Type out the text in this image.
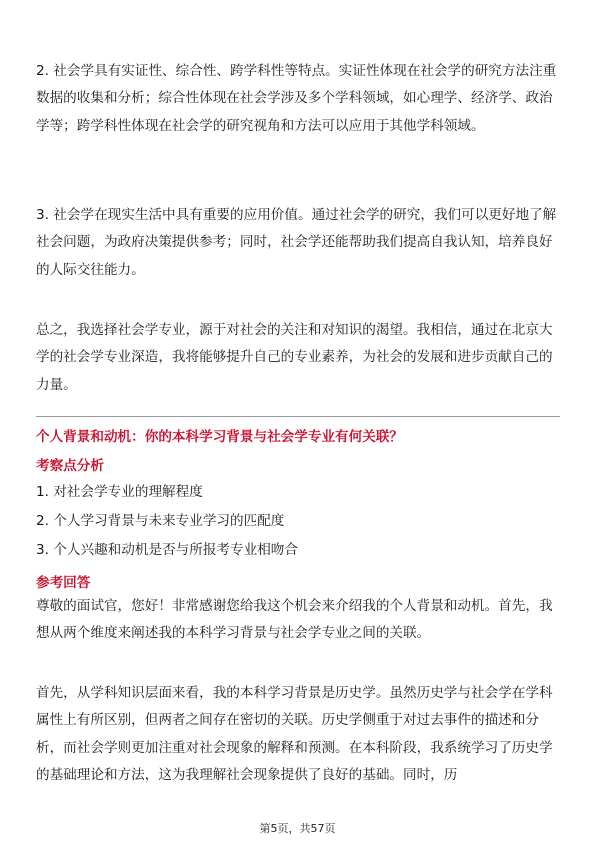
2. 社会学具有实证性、综合性、跨学科性等特点。实证性体现在社会学的研究方法注重数据的收集和分析；综合性体现在社会学涉及多个学科领域，如心理学、经济学、政治学等；跨学科性体现在社会学的研究视角和方法可以应用于其他学科领域。

3. 社会学在现实生活中具有重要的应用价值。通过社会学的研究，我们可以更好地了解社会问题，为政府决策提供参考；同时，社会学还能帮助我们提高自我认知，培养良好的人际交往能力。

总之，我选择社会学专业，源于对社会的关注和对知识的渴望。我相信，通过在北京大学的社会学专业深造，我将能够提升自己的专业素养，为社会的发展和进步贡献自己的力量。

个人背景和动机：你的本科学习背景与社会学专业有何关联？

考察点分析

1. 对社会学专业的理解程度

2. 个人学习背景与未来专业学习的匹配度

3. 个人兴趣和动机是否与所报考专业相吻合

参考回答

尊敬的面试官，您好！非常感谢您给我这个机会来介绍我的个人背景和动机。首先，我想从两个维度来阐述我的本科学习背景与社会学专业之间的关联。

首先，从学科知识层面来看，我的本科学习背景是历史学。虽然历史学与社会学在学科属性上有所区别，但两者之间存在密切的关联。历史学侧重于对过去事件的描述和分析，而社会学则更加注重对社会现象的解释和预测。在本科阶段，我系统学习了历史学的基础理论和方法，这为我理解社会现象提供了良好的基础。同时，历

第5页，共57页
